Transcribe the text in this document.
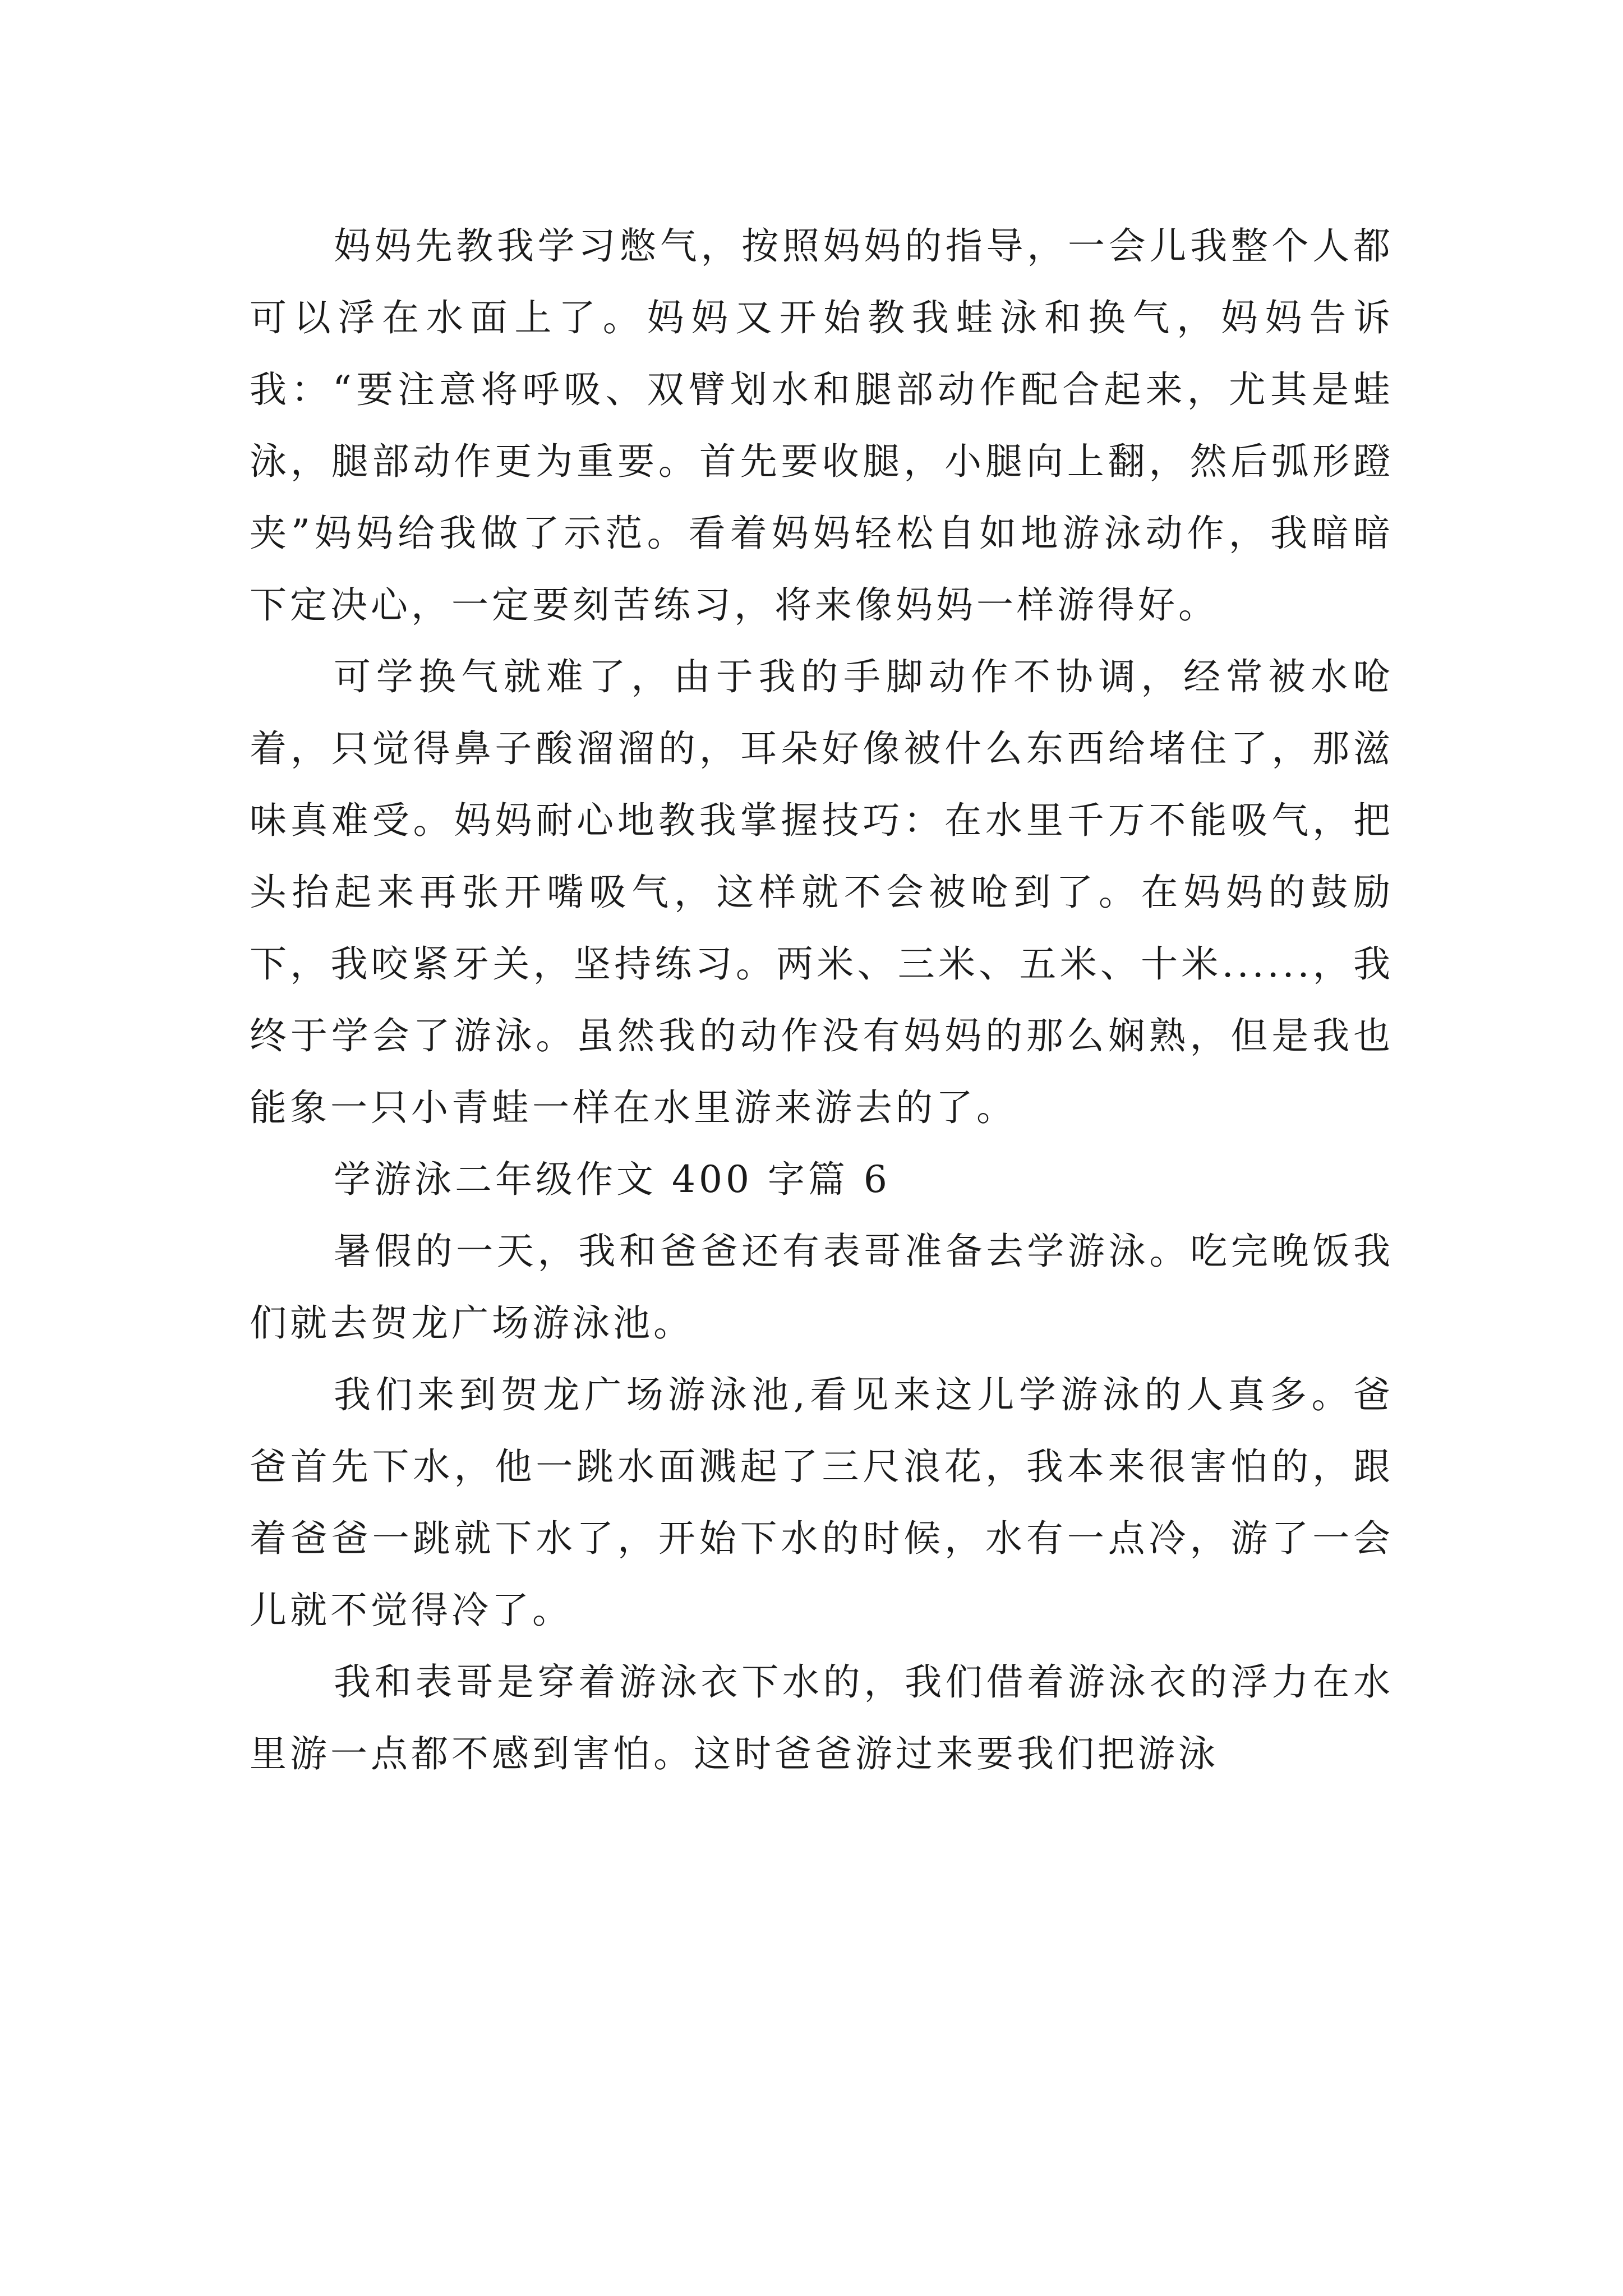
妈妈先教我学习憋气，按照妈妈的指导，一会儿我整个人都可以浮在水面上了。妈妈又开始教我蛙泳和换气，妈妈告诉我：“要注意将呼吸、双臂划水和腿部动作配合起来，尤其是蛙泳，腿部动作更为重要。首先要收腿，小腿向上翻，然后弧形蹬夹”妈妈给我做了示范。看着妈妈轻松自如地游泳动作，我暗暗下定决心，一定要刻苦练习，将来像妈妈一样游得好。

可学换气就难了，由于我的手脚动作不协调，经常被水呛着，只觉得鼻子酸溜溜的，耳朵好像被什么东西给堵住了，那滋味真难受。妈妈耐心地教我掌握技巧：在水里千万不能吸气，把头抬起来再张开嘴吸气，这样就不会被呛到了。在妈妈的鼓励下，我咬紧牙关，坚持练习。两米、三米、五米、十米......，我终于学会了游泳。虽然我的动作没有妈妈的那么娴熟，但是我也能象一只小青蛙一样在水里游来游去的了。

学游泳二年级作文 400 字篇 6

暑假的一天，我和爸爸还有表哥准备去学游泳。吃完晚饭我们就去贺龙广场游泳池。

我们来到贺龙广场游泳池,看见来这儿学游泳的人真多。爸爸首先下水，他一跳水面溅起了三尺浪花，我本来很害怕的，跟着爸爸一跳就下水了，开始下水的时候，水有一点冷，游了一会儿就不觉得冷了。

我和表哥是穿着游泳衣下水的，我们借着游泳衣的浮力在水里游一点都不感到害怕。这时爸爸游过来要我们把游泳
